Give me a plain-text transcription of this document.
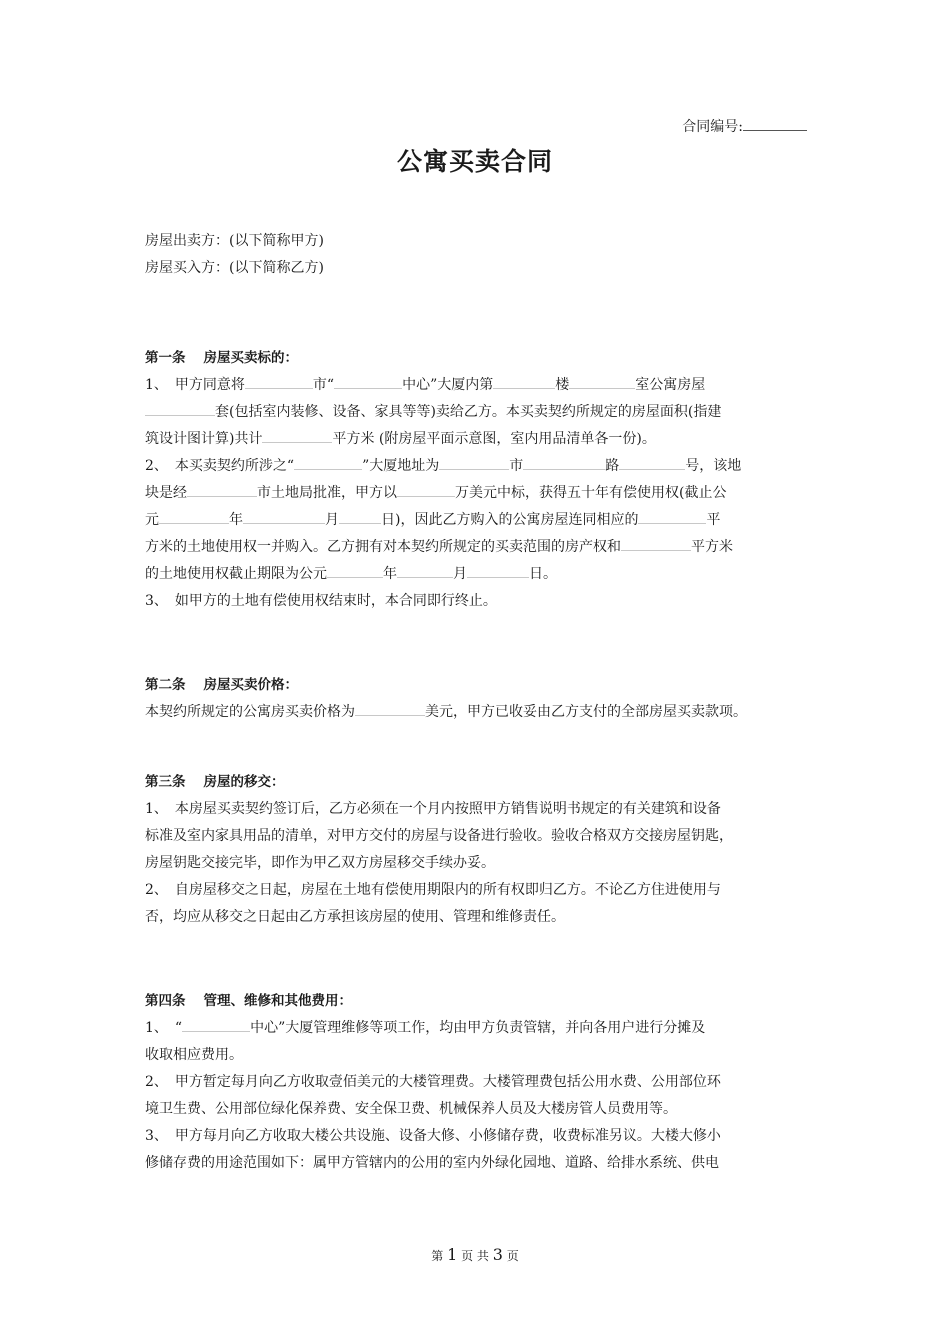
合同编号:
公寓买卖合同

房屋出卖方：(以下简称甲方)

房屋买入方：(以下简称乙方)

第一条 房屋买卖标的：

1、　甲方同意将	市“	中心”大厦内第	楼	室公寓房屋

套(包括室内装修、设备、家具等等)卖给乙方。本买卖契约所规定的房屋面积(指建

筑设计图计算)共计	平方米 (附房屋平面示意图，室内用品清单各一份)。

2、　本买卖契约所涉之“	”大厦地址为	市	路	号，该地

块是经	市土地局批准，甲方以	万美元中标，获得五十年有偿使用权(截止公

元	年	月	日)，因此乙方购入的公寓房屋连同相应的	平

方米的土地使用权一并购入。乙方拥有对本契约所规定的买卖范围的房产权和	平方米

的土地使用权截止期限为公元	年	月	日。

3、　如甲方的土地有偿使用权结束时，本合同即行终止。

第二条 房屋买卖价格：

本契约所规定的公寓房买卖价格为	美元，甲方已收妥由乙方支付的全部房屋买卖款项。

第三条 房屋的移交：

1、　本房屋买卖契约签订后，乙方必须在一个月内按照甲方销售说明书规定的有关建筑和设备

标准及室内家具用品的清单，对甲方交付的房屋与设备进行验收。验收合格双方交接房屋钥匙，

房屋钥匙交接完毕，即作为甲乙双方房屋移交手续办妥。

2、　自房屋移交之日起，房屋在土地有偿使用期限内的所有权即归乙方。不论乙方住进使用与

否，均应从移交之日起由乙方承担该房屋的使用、管理和维修责任。

第四条 管理、维修和其他费用：

1、　“	中心”大厦管理维修等项工作，均由甲方负责管辖，并向各用户进行分摊及

收取相应费用。

2、　甲方暂定每月向乙方收取壹佰美元的大楼管理费。大楼管理费包括公用水费、公用部位环

境卫生费、公用部位绿化保养费、安全保卫费、机械保养人员及大楼房管人员费用等。

3、　甲方每月向乙方收取大楼公共设施、设备大修、小修储存费，收费标准另议。大楼大修小

修储存费的用途范围如下：属甲方管辖内的公用的室内外绿化园地、道路、给排水系统、供电

第 1 页 共 3 页
